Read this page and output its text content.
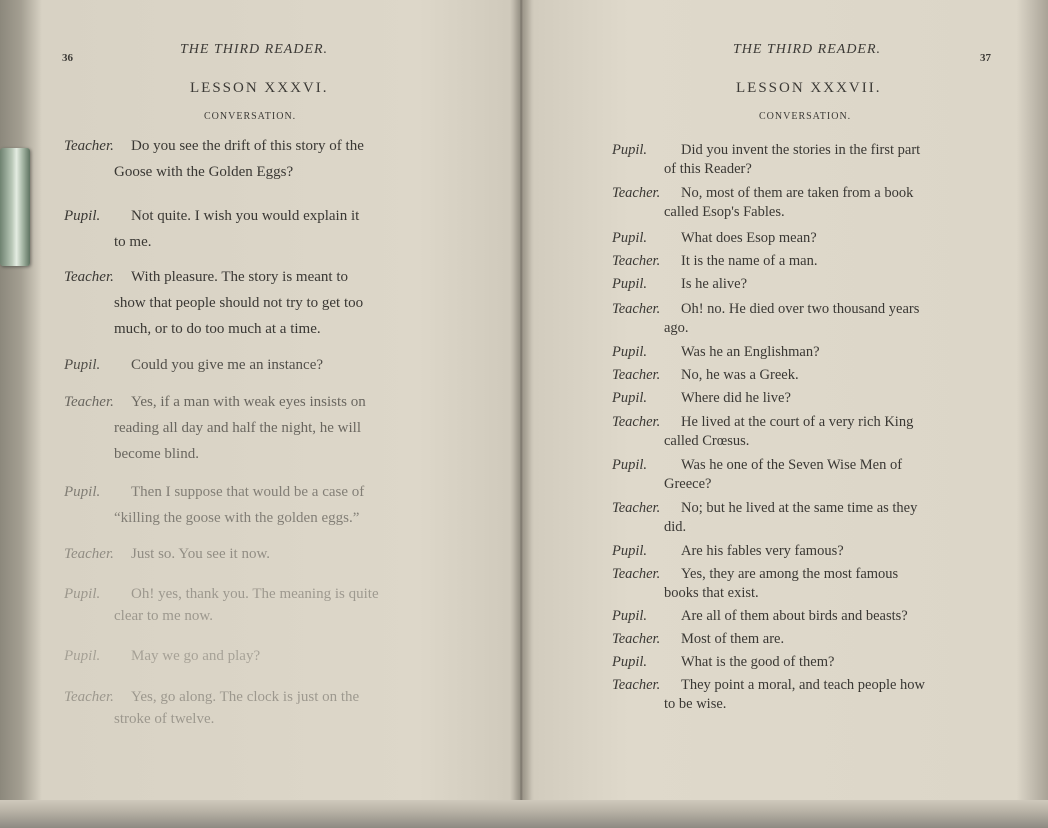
36
THE THIRD READER.
LESSON XXXVI.
CONVERSATION.
Teacher. Do you see the drift of this story of the
Goose with the Golden Eggs?
Pupil. Not quite. I wish you would explain it
to me.
Teacher. With pleasure. The story is meant to
show that people should not try to get too
much, or to do too much at a time.
Pupil. Could you give me an instance?
Teacher. Yes, if a man with weak eyes insists on
reading all day and half the night, he will
become blind.
Pupil. Then I suppose that would be a case of
“killing the goose with the golden eggs.”
Teacher. Just so. You see it now.
Pupil. Oh! yes, thank you. The meaning is quite
clear to me now.
Pupil. May we go and play?
Teacher. Yes, go along. The clock is just on the
stroke of twelve.
THE THIRD READER.
37
LESSON XXXVII.
CONVERSATION.
Pupil. Did you invent the stories in the first part
of this Reader?
Teacher. No, most of them are taken from a book
called Esop's Fables.
Pupil. What does Esop mean?
Teacher. It is the name of a man.
Pupil. Is he alive?
Teacher. Oh! no. He died over two thousand years
ago.
Pupil. Was he an Englishman?
Teacher. No, he was a Greek.
Pupil. Where did he live?
Teacher. He lived at the court of a very rich King
called Crœsus.
Pupil. Was he one of the Seven Wise Men of
Greece?
Teacher. No; but he lived at the same time as they
did.
Pupil. Are his fables very famous?
Teacher. Yes, they are among the most famous
books that exist.
Pupil. Are all of them about birds and beasts?
Teacher. Most of them are.
Pupil. What is the good of them?
Teacher. They point a moral, and teach people how
to be wise.
